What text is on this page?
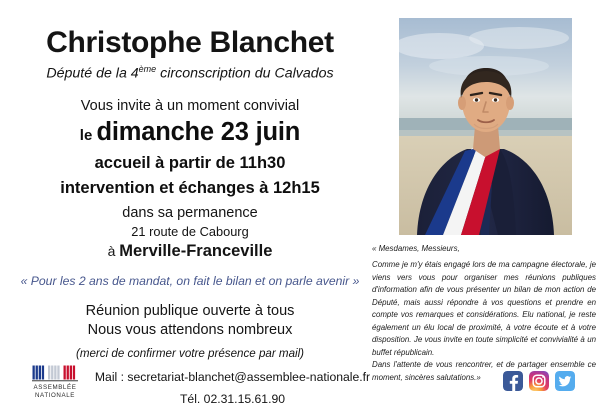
Christophe Blanchet

Député de la 4ème circonscription du Calvados

Vous invite à un moment convivial

le dimanche 23 juin

accueil à partir de 11h30

intervention et échanges à 12h15

dans sa permanence

21 route de Cabourg

à Merville-Franceville

« Pour les 2 ans de mandat, on fait le bilan et on parle avenir »

Réunion publique ouverte à tous

Nous vous attendons nombreux

(merci de confirmer votre présence par mail)

ASSEMBLÉE
NATIONALE

Mail : secretariat-blanchet@assemblee-nationale.fr

Tél. 02.31.15.61.90

« Mesdames, Messieurs,

Comme je m'y étais engagé lors de ma campagne électorale, je viens vers vous pour organiser mes réunions publiques d'information afin de vous présenter un bilan de mon action de Député, mais aussi répondre à vos questions et prendre en compte vos remarques et considérations. Elu national, je reste également un élu local de proximité, à votre écoute et à votre disposition. Je vous invite en toute simplicité et convivialité à un buffet républicain.

Dans l'attente de vous rencontrer, et de partager ensemble ce moment, sincères salutations.»
